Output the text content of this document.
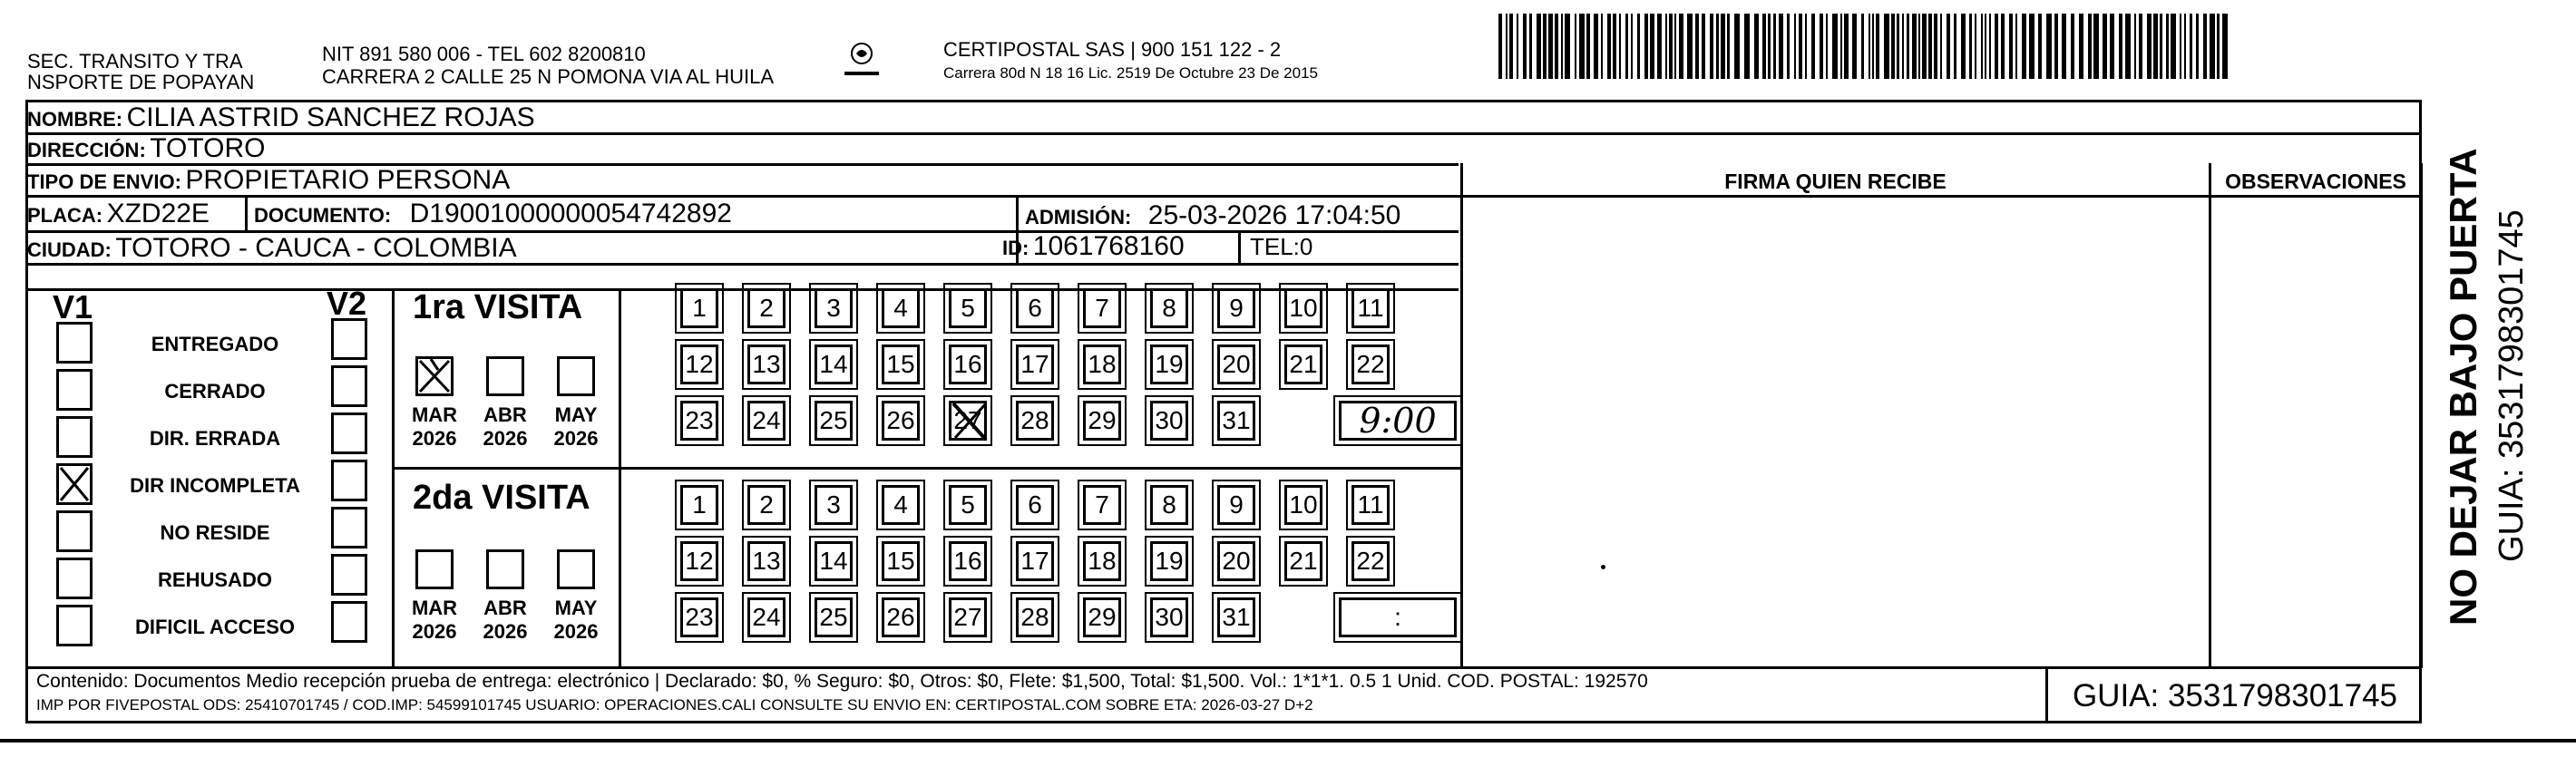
SEC. TRANSITO Y TRA
NSPORTE DE POPAYAN
NIT 891 580 006 - TEL 602 8200810
CARRERA 2 CALLE 25 N POMONA VIA AL HUILA
CERTIPOSTAL SAS | 900 151 122 - 2
Carrera 80d N 18 16 Lic. 2519 De Octubre 23 De 2015
NOMBRE: CILIA ASTRID SANCHEZ ROJAS
DIRECCIÓN: TOTORO
TIPO DE ENVIO: PROPIETARIO PERSONA
PLACA: XZD22E DOCUMENTO: D19001000000054742892	ADMISIÓN: 25-03-2026 17:04:50
CIUDAD: TOTORO - CAUCA - COLOMBIA	ID: 1061768160	TEL:0
FIRMA QUIEN RECIBE	OBSERVACIONES
V1	V2
ENTREGADO
CERRADO
DIR. ERRADA
DIR INCOMPLETA
NO RESIDE
REHUSADO
DIFICIL ACCESO
1ra VISITA
2da VISITA
MAR
2026
ABR
2026
MAY
2026
MAR
2026
ABR
2026
MAY
2026
1	2	3	4	5	6	7	8	9	10 11
12 13 14 15 16 17 18 19 20 21 22
23 24 25 26 27 28 29 30 31	9:00
1	2	3	4	5	6	7	8	9	10 11
12 13 14 15 16 17 18 19 20 21 22
23 24 25 26 27 28 29 30 31	:
Contenido: Documentos Medio recepción prueba de entrega: electrónico | Declarado: $0, % Seguro: $0, Otros: $0, Flete: $1,500, Total: $1,500. Vol.: 1*1*1. 0.5 1 Unid. COD. POSTAL: 192570
IMP POR FIVEPOSTAL ODS: 25410701745 / COD.IMP: 54599101745 USUARIO: OPERACIONES.CALI CONSULTE SU ENVIO EN: CERTIPOSTAL.COM SOBRE ETA: 2026-03-27 D+2	GUIA: 3531798301745
NO DEJAR BAJO PUERTA GUIA: 3531798301745
